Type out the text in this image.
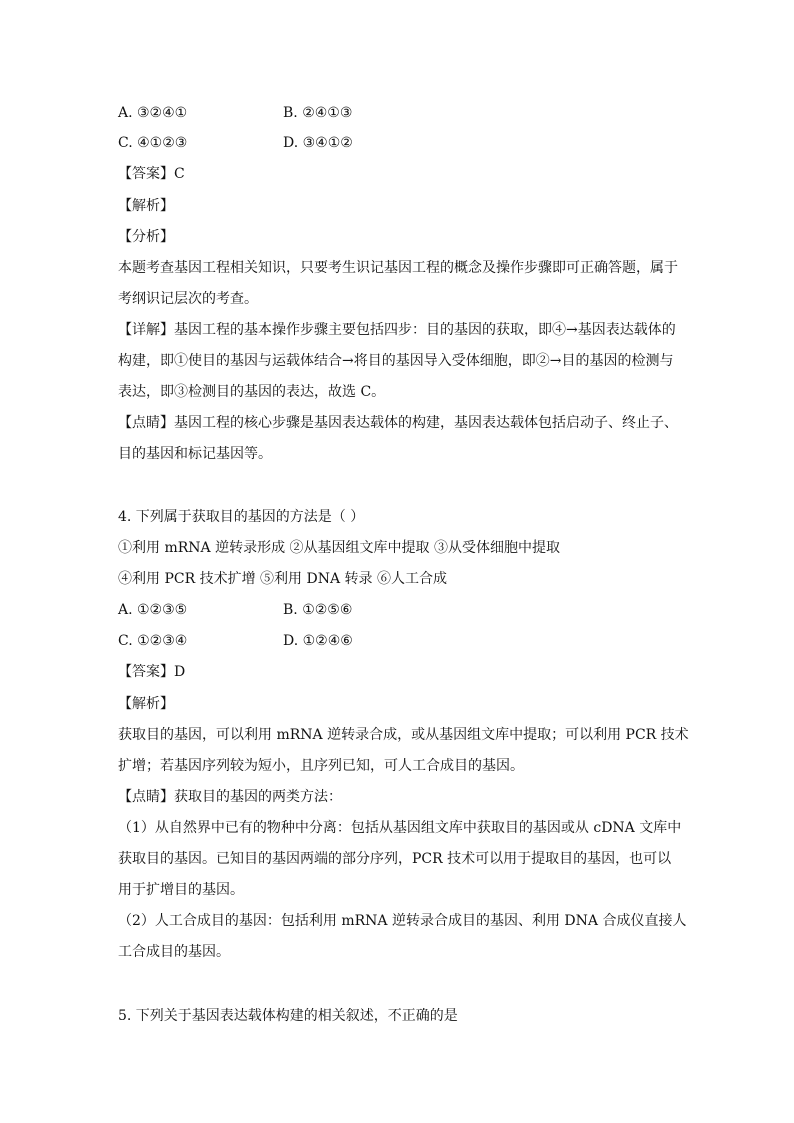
A. ③②④①	B. ②④①③
C. ④①②③	D. ③④①②
【答案】C
【解析】
【分析】
本题考查基因工程相关知识，只要考生识记基因工程的概念及操作步骤即可正确答题，属于
考纲识记层次的考查。
【详解】基因工程的基本操作步骤主要包括四步：目的基因的获取，即④→基因表达载体的
构建，即①使目的基因与运载体结合→将目的基因导入受体细胞，即②→目的基因的检测与
表达，即③检测目的基因的表达，故选 C。
【点睛】基因工程的核心步骤是基因表达载体的构建，基因表达载体包括启动子、终止子、
目的基因和标记基因等。
4. 下列属于获取目的基因的方法是（ ）
①利用 mRNA 逆转录形成 ②从基因组文库中提取 ③从受体细胞中提取
④利用 PCR 技术扩增 ⑤利用 DNA 转录 ⑥人工合成
A. ①②③⑤	B. ①②⑤⑥
C. ①②③④	D. ①②④⑥
【答案】D
【解析】
获取目的基因，可以利用 mRNA 逆转录合成，或从基因组文库中提取；可以利用 PCR 技术
扩增；若基因序列较为短小，且序列已知，可人工合成目的基因。
【点睛】获取目的基因的两类方法：
（1）从自然界中已有的物种中分离：包括从基因组文库中获取目的基因或从 cDNA 文库中
获取目的基因。已知目的基因两端的部分序列，PCR 技术可以用于提取目的基因，也可以
用于扩增目的基因。
（2）人工合成目的基因：包括利用 mRNA 逆转录合成目的基因、利用 DNA 合成仪直接人
工合成目的基因。
5. 下列关于基因表达载体构建的相关叙述，不正确的是
